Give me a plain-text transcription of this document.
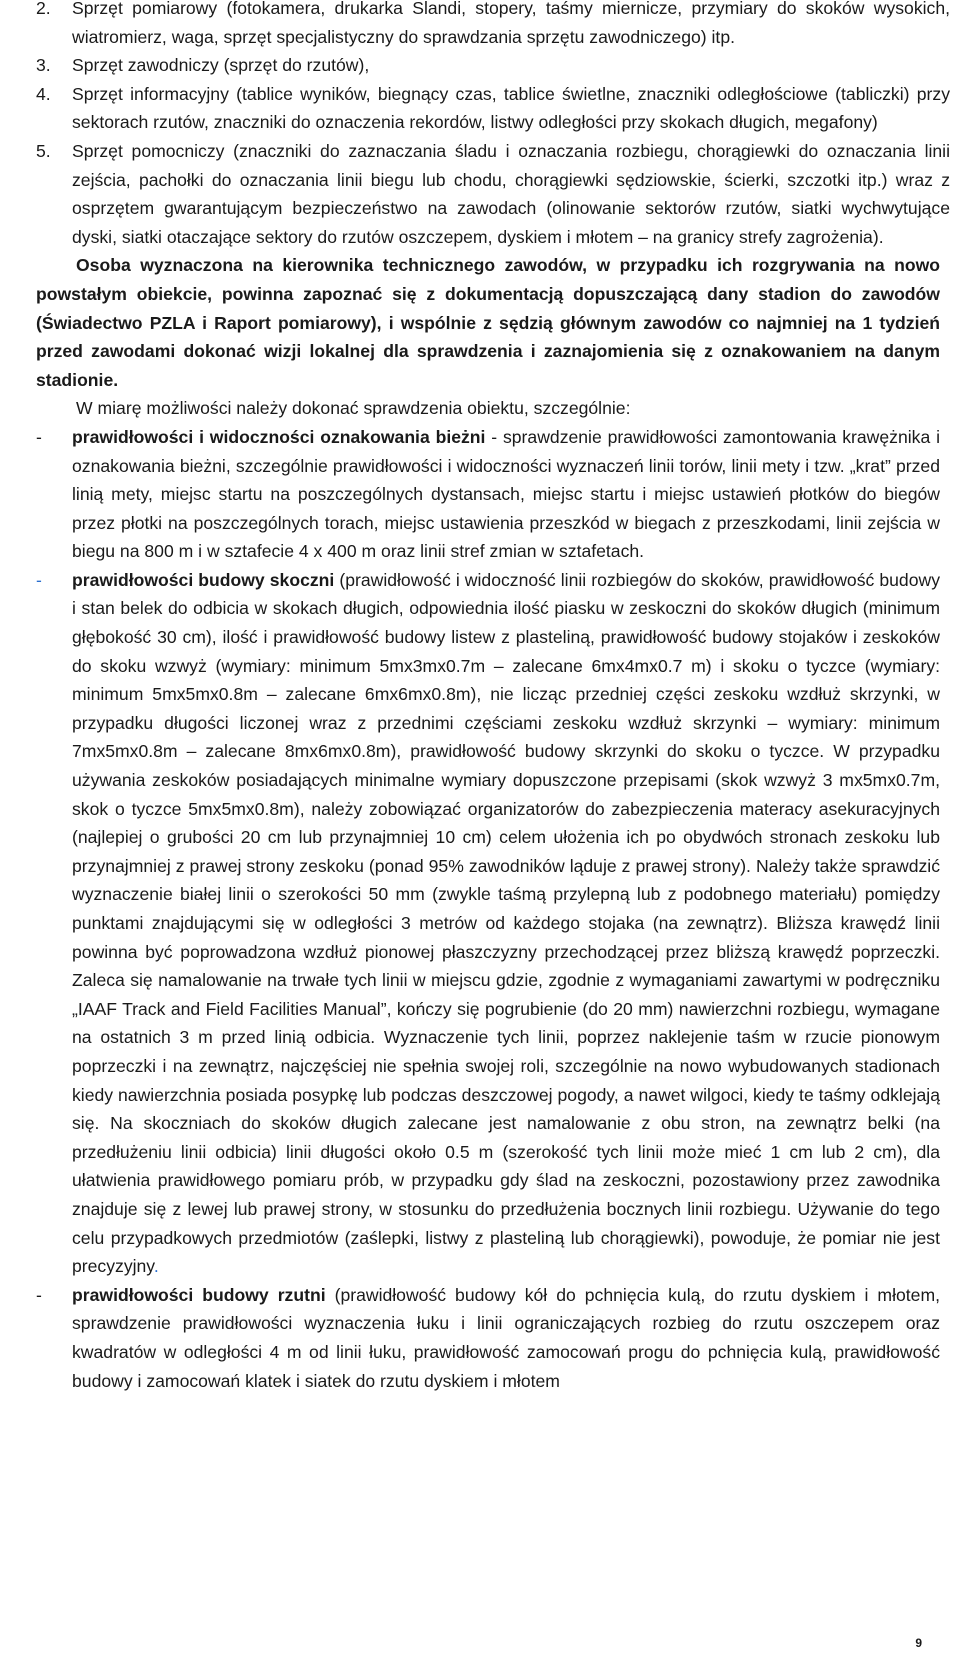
2. Sprzęt pomiarowy (fotokamera, drukarka Slandi, stopery, taśmy miernicze, przymiary do skoków wysokich, wiatromierz, waga, sprzęt specjalistyczny do sprawdzania sprzętu zawodniczego) itp.
3. Sprzęt zawodniczy (sprzęt do rzutów),
4. Sprzęt informacyjny (tablice wyników, biegnący czas, tablice świetlne, znaczniki odległościowe (tabliczki) przy sektorach rzutów, znaczniki do oznaczenia rekordów, listwy odległości przy skokach długich, megafony)
5. Sprzęt pomocniczy (znaczniki do zaznaczania śladu i oznaczania rozbiegu, chorągiewki do oznaczania linii zejścia, pachołki do oznaczania linii biegu lub chodu, chorągiewki sędziowskie, ścierki, szczotki itp.) wraz z osprzętem gwarantującym bezpieczeństwo na zawodach (olinowanie sektorów rzutów, siatki wychwytujące dyski, siatki otaczające sektory do rzutów oszczepem, dyskiem i młotem – na granicy strefy zagrożenia).

Osoba wyznaczona na kierownika technicznego zawodów, w przypadku ich rozgrywania na nowo powstałym obiekcie, powinna zapoznać się z dokumentacją dopuszczającą dany stadion do zawodów (Świadectwo PZLA i Raport pomiarowy), i wspólnie z sędzią głównym zawodów co najmniej na 1 tydzień przed zawodami dokonać wizji lokalnej dla sprawdzenia i zaznajomienia się z oznakowaniem na danym stadionie.

W miarę możliwości należy dokonać sprawdzenia obiektu, szczególnie:

- prawidłowości i widoczności oznakowania bieżni - sprawdzenie prawidłowości zamontowania krawężnika i oznakowania bieżni, szczególnie prawidłowości i widoczności wyznaczeń linii torów, linii mety i tzw. „krat” przed linią mety, miejsc startu na poszczególnych dystansach, miejsc startu i miejsc ustawień płotków do biegów przez płotki na poszczególnych torach, miejsc ustawienia przeszkód w biegach z przeszkodami, linii zejścia w biegu na 800 m i w sztafecie 4 x 400 m oraz linii stref zmian w sztafetach.
- prawidłowości budowy skoczni (prawidłowość i widoczność linii rozbiegów do skoków, prawidłowość budowy i stan belek do odbicia w skokach długich, odpowiednia ilość piasku w zeskoczni do skoków długich (minimum głębokość 30 cm), ilość i prawidłowość budowy listew z plasteliną, prawidłowość budowy stojaków i zeskoków do skoku wzwyż (wymiary: minimum 5mx3mx0.7m – zalecane 6mx4mx0.7 m) i skoku o tyczce (wymiary: minimum 5mx5mx0.8m – zalecane 6mx6mx0.8m), nie licząc przedniej części zeskoku wzdłuż skrzynki, w przypadku długości liczonej wraz z przednimi częściami zeskoku wzdłuż skrzynki – wymiary: minimum 7mx5mx0.8m – zalecane 8mx6mx0.8m), prawidłowość budowy skrzynki do skoku o tyczce. W przypadku używania zeskoków posiadających minimalne wymiary dopuszczone przepisami (skok wzwyż 3 mx5mx0.7m, skok o tyczce 5mx5mx0.8m), należy zobowiązać organizatorów do zabezpieczenia materacy asekuracyjnych (najlepiej o grubości 20 cm lub przynajmniej 10 cm) celem ułożenia ich po obydwóch stronach zeskoku lub przynajmniej z prawej strony zeskoku (ponad 95% zawodników ląduje z prawej strony). Należy także sprawdzić wyznaczenie białej linii o szerokości 50 mm (zwykle taśmą przylepną lub z podobnego materiału) pomiędzy punktami znajdującymi się w odległości 3 metrów od każdego stojaka (na zewnątrz). Bliższa krawędź linii powinna być poprowadzona wzdłuż pionowej płaszczyzny przechodzącej przez bliższą krawędź poprzeczki. Zaleca się namalowanie na trwałe tych linii w miejscu gdzie, zgodnie z wymaganiami zawartymi w podręczniku „IAAF Track and Field Facilities Manual”, kończy się pogrubienie (do 20 mm) nawierzchni rozbiegu, wymagane na ostatnich 3 m przed linią odbicia. Wyznaczenie tych linii, poprzez naklejenie taśm w rzucie pionowym poprzeczki i na zewnątrz, najczęściej nie spełnia swojej roli, szczególnie na nowo wybudowanych stadionach kiedy nawierzchnia posiada posypkę lub podczas deszczowej pogody, a nawet wilgoci, kiedy te taśmy odklejają się. Na skoczniach do skoków długich zalecane jest namalowanie z obu stron, na zewnątrz belki (na przedłużeniu linii odbicia) linii długości około 0.5 m (szerokość tych linii może mieć 1 cm lub 2 cm), dla ułatwienia prawidłowego pomiaru prób, w przypadku gdy ślad na zeskoczni, pozostawiony przez zawodnika znajduje się z lewej lub prawej strony, w stosunku do przedłużenia bocznych linii rozbiegu. Używanie do tego celu przypadkowych przedmiotów (zaślepki, listwy z plasteliną lub chorągiewki), powoduje, że pomiar nie jest precyzyjny.
- prawidłowości budowy rzutni (prawidłowość budowy kół do pchnięcia kulą, do rzutu dyskiem i młotem, sprawdzenie prawidłowości wyznaczenia łuku i linii ograniczających rozbieg do rzutu oszczepem oraz kwadratów w odległości 4 m od linii łuku, prawidłowość zamocowań progu do pchnięcia kulą, prawidłowość budowy i zamocowań klatek i siatek do rzutu dyskiem i młotem
9
